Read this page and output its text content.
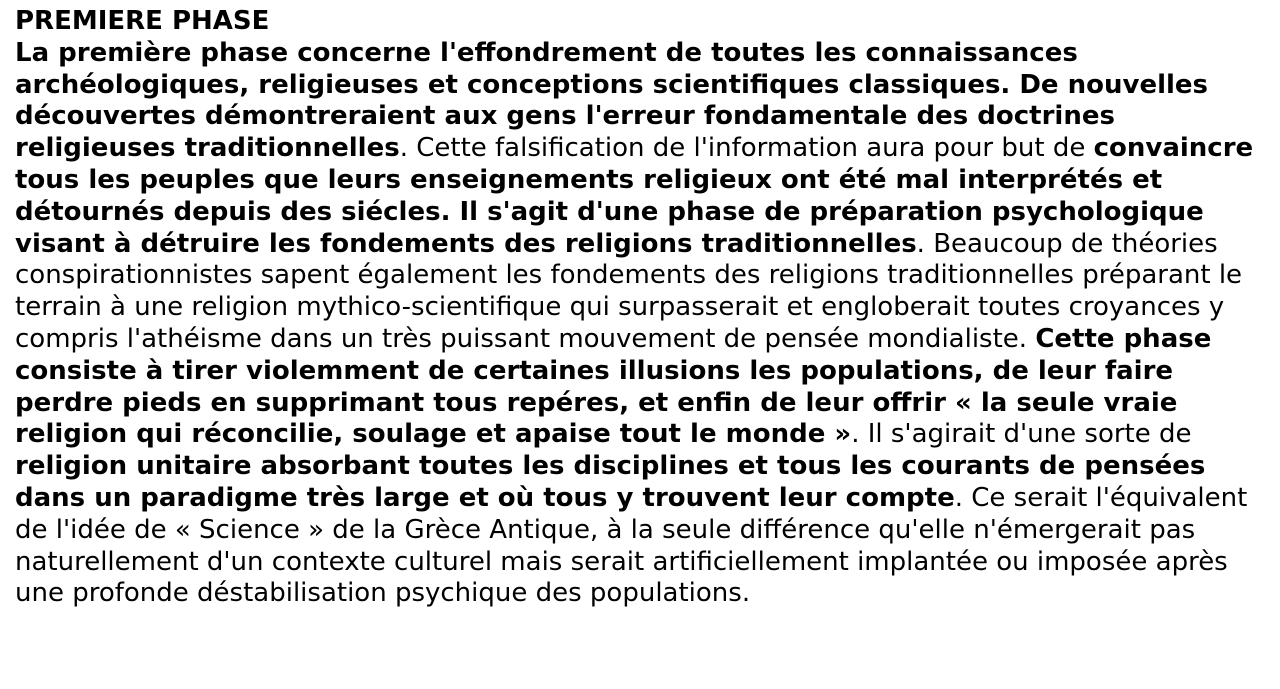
PREMIERE PHASE
La première phase concerne l'effondrement de toutes les connaissances archéologiques, religieuses et conceptions scientifiques classiques. De nouvelles découvertes démontreraient aux gens l'erreur fondamentale des doctrines religieuses traditionnelles. Cette falsification de l'information aura pour but de convaincre tous les peuples que leurs enseignements religieux ont été mal interprétés et détournés depuis des siécles. Il s'agit d'une phase de préparation psychologique visant à détruire les fondements des religions traditionnelles. Beaucoup de théories conspirationnistes sapent également les fondements des religions traditionnelles préparant le terrain à une religion mythico-scientifique qui surpasserait et engloberait toutes croyances y compris l'athéisme dans un très puissant mouvement de pensée mondialiste. Cette phase consiste à tirer violemment de certaines illusions les populations, de leur faire perdre pieds en supprimant tous repéres, et enfin de leur offrir « la seule vraie religion qui réconcilie, soulage et apaise tout le monde ». Il s'agirait d'une sorte de religion unitaire absorbant toutes les disciplines et tous les courants de pensées dans un paradigme très large et où tous y trouvent leur compte. Ce serait l'équivalent de l'idée de « Science » de la Grèce Antique, à la seule différence qu'elle n'émergerait pas naturellement d'un contexte culturel mais serait artificiellement implantée ou imposée après une profonde déstabilisation psychique des populations.
